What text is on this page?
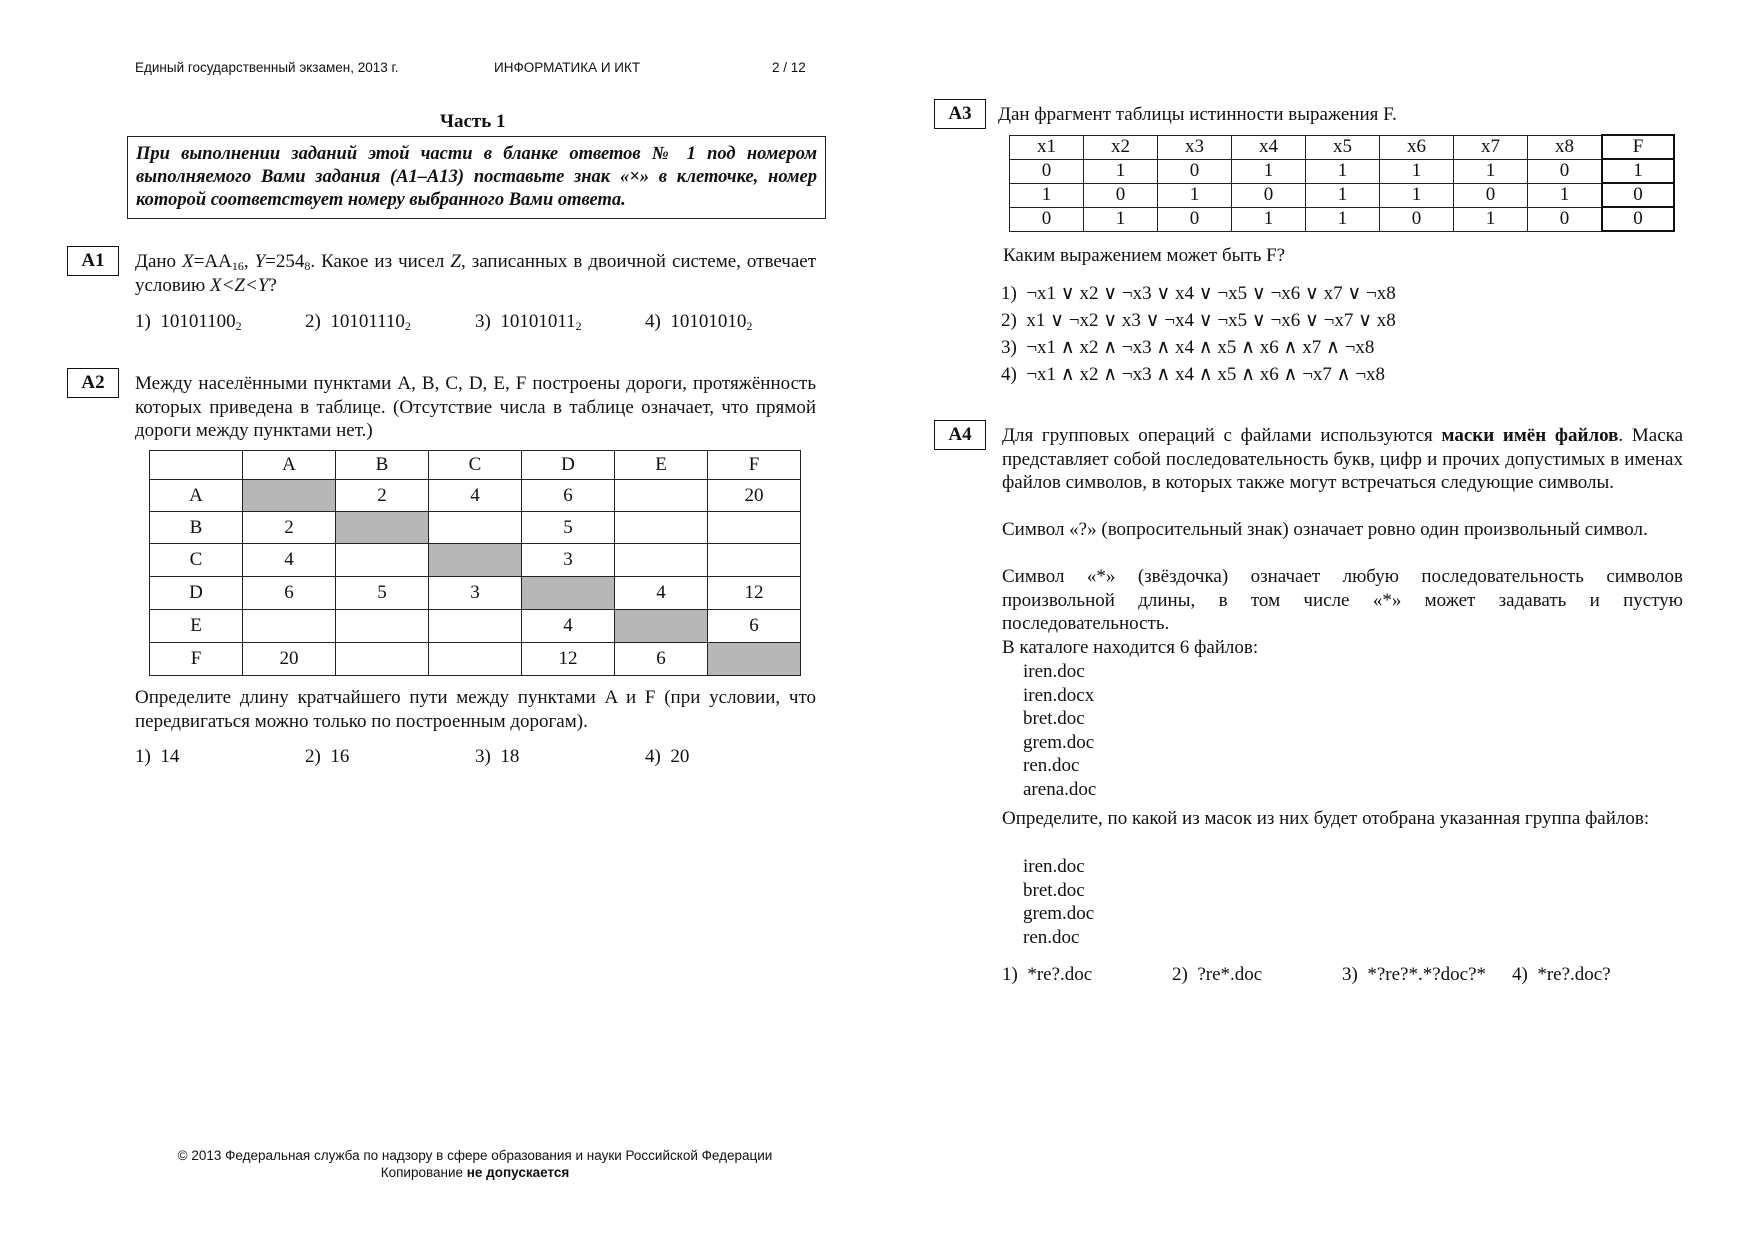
Единый государственный экзамен, 2013 г.	ИНФОРМАТИКА И ИКТ	2 / 12
Часть 1
При выполнении заданий этой части в бланке ответов № 1 под номером выполняемого Вами задания (A1–A13) поставьте знак «×» в клеточке, номер которой соответствует номеру выбранного Вами ответа.
A1	Дано $X=AA_{16}$, $Y=254_8$. Какое из чисел Z, записанных в двоичной системе, отвечает условию X<Z<Y?
1) $10101100_2$	2) $10101110_2$	3) $10101011_2$	4) $10101010_2$
A2	Между населёнными пунктами A, B, C, D, E, F построены дороги, протяжённость которых приведена в таблице. (Отсутствие числа в таблице означает, что прямой дороги между пунктами нет.)
	A	B	C	D	E	F
A		2	4	6		20
B	2			5		
C	4			3		
D	6	5	3		4	12
E				4		6
F	20			12	6	
Определите длину кратчайшего пути между пунктами A и F (при условии, что передвигаться можно только по построенным дорогам).
1) 14	2) 16	3) 18	4) 20
A3	Дан фрагмент таблицы истинности выражения F.
x1	x2	x3	x4	x5	x6	x7	x8	F
0	1	0	1	1	1	1	0	1
1	0	1	0	1	1	0	1	0
0	1	0	1	1	0	1	0	0
Каким выражением может быть F?
1) ¬x1 ∨ x2 ∨ ¬x3 ∨ x4 ∨ ¬x5 ∨ ¬x6 ∨ x7 ∨ ¬x8
2) x1 ∨ ¬x2 ∨ x3 ∨ ¬x4 ∨ ¬x5 ∨ ¬x6 ∨ ¬x7 ∨ x8
3) ¬x1 ∧ x2 ∧ ¬x3 ∧ x4 ∧ x5 ∧ x6 ∧ x7 ∧ ¬x8
4) ¬x1 ∧ x2 ∧ ¬x3 ∧ x4 ∧ x5 ∧ x6 ∧ ¬x7 ∧ ¬x8
A4	Для групповых операций с файлами используются маски имён файлов. Маска представляет собой последовательность букв, цифр и прочих допустимых в именах файлов символов, в которых также могут встречаться следующие символы.
Символ «?» (вопросительный знак) означает ровно один произвольный символ.
Символ «*» (звёздочка) означает любую последовательность символов произвольной длины, в том числе «*» может задавать и пустую последовательность.
В каталоге находится 6 файлов:
iren.doc
iren.docx
bret.doc
grem.doc
ren.doc
arena.doc
Определите, по какой из масок из них будет отобрана указанная группа файлов:
iren.doc
bret.doc
grem.doc
ren.doc
1) *re?.doc	2) ?re*.doc	3) *?re?*.*?doc?*	4) *re?.doc?
© 2013 Федеральная служба по надзору в сфере образования и науки Российской Федерации
Копирование не допускается
